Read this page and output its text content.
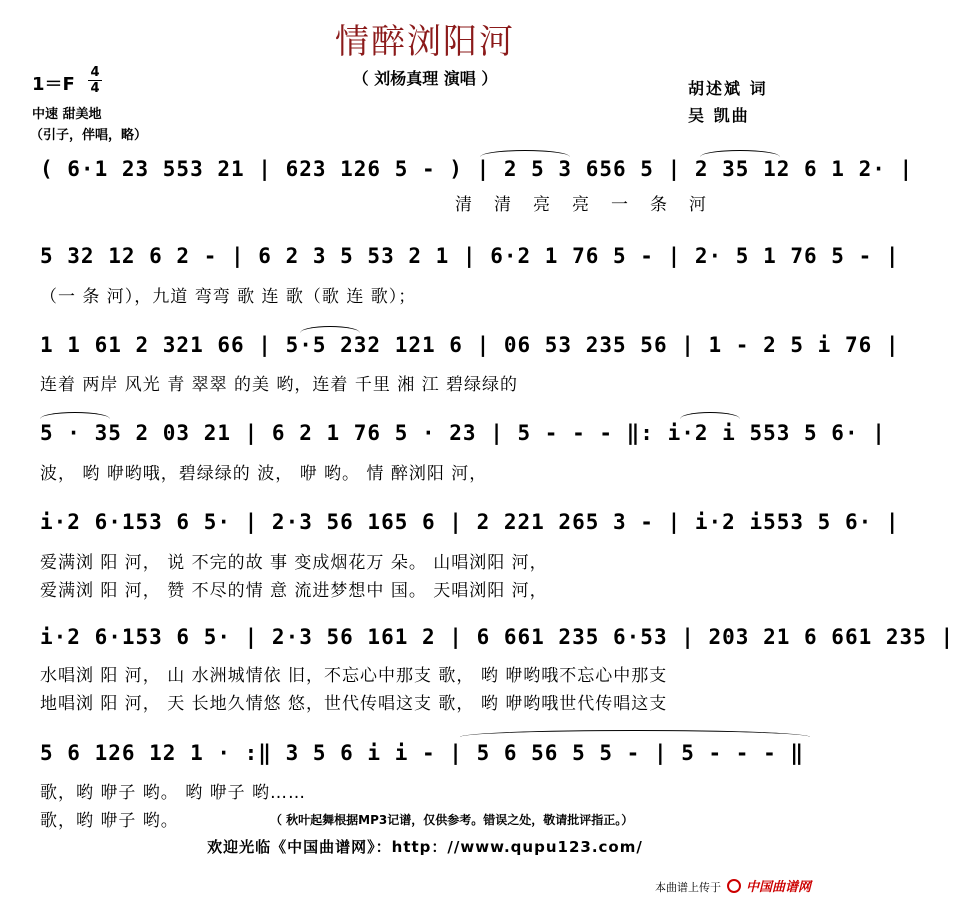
情醉浏阳河
（ 刘杨真理 演唱 ）
1＝F
4
4
中速 甜美地
（引子，伴唱，略）
胡述斌 词
吴 凯曲
( 6·1 23 553 21 | 623 126 5 - ) | 2 5 3 656 5 | 2 35 12 6 1 2· |
清清亮亮一条河
5 32 12 6 2 - | 6 2 3 5 53 2 1 | 6·2 1 76 5 - | 2· 5 1 76 5 - |
（一 条 河），九道 弯弯 歌 连 歌（歌 连 歌）；
1 1 61 2 321 66 | 5·5 232 121 6 | 06 53 235 56 | 1 - 2 5 i 76 |
连着 两岸 风光 青 翠翠 的美 哟，连着 千里 湘 江 碧绿绿的
5 · 35 2 03 21 | 6 2 1 76 5 · 23 | 5 - - - ‖: i·2 i 553 5 6· |
波， 哟 咿哟哦，碧绿绿的 波， 咿 哟。 情 醉浏阳 河，
i·2 6·153 6 5· | 2·3 56 165 6 | 2 221 265 3 - | i·2 i553 5 6· |
爱满浏 阳 河， 说 不完的故 事 变成烟花万 朵。 山唱浏阳 河，
爱满浏 阳 河， 赞 不尽的情 意 流进梦想中 国。 天唱浏阳 河，
i·2 6·153 6 5· | 2·3 56 161 2 | 6 661 235 6·53 | 203 21 6 661 235 |
水唱浏 阳 河， 山 水洲城情依 旧，不忘心中那支 歌， 哟 咿哟哦不忘心中那支
地唱浏 阳 河， 天 长地久情悠 悠，世代传唱这支 歌， 哟 咿哟哦世代传唱这支
5 6 126 12 1 · :‖ 3 5 6 i i - | 5 6 56 5 5 - | 5 - - - ‖
歌，哟 咿子 哟。 哟 咿子 哟……
歌，哟 咿子 哟。	（ 秋叶起舞根据MP3记谱，仅供参考。错误之处，敬请批评指正。）
欢迎光临《中国曲谱网》：http：//www.qupu123.com/
本曲谱上传于 中国曲谱网
